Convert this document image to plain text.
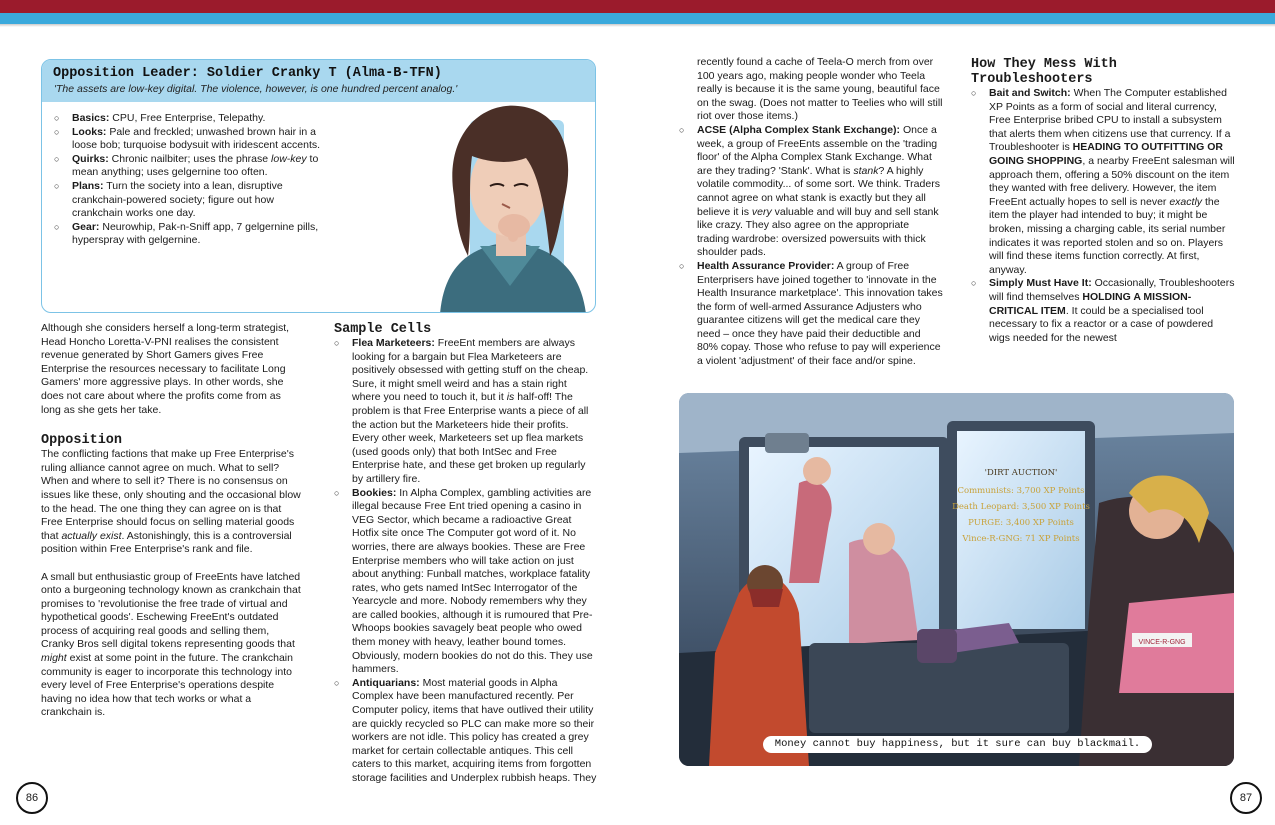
Opposition Leader: Soldier Cranky T (Alma-B-TFN)
'The assets are low-key digital. The violence, however, is one hundred percent analog.'
○ Basics: CPU, Free Enterprise, Telepathy.
○ Looks: Pale and freckled; unwashed brown hair in a loose bob; turquoise bodysuit with iridescent accents.
○ Quirks: Chronic nailbiter; uses the phrase low-key to mean anything; uses gelgernine too often.
○ Plans: Turn the society into a lean, disruptive crankchain-powered society; figure out how crankchain works one day.
○ Gear: Neurowhip, Pak-n-Sniff app, 7 gelgernine pills, hyperspray with gelgernine.

Although she considers herself a long-term strategist, Head Honcho Loretta-V-PNI realises the consistent revenue generated by Short Gamers gives Free Enterprise the resources necessary to facilitate Long Gamers' more aggressive plays. In other words, she does not care about where the profits come from as long as she gets her take.

Opposition

The conflicting factions that make up Free Enterprise's ruling alliance cannot agree on much. What to sell? When and where to sell it? There is no consensus on issues like these, only shouting and the occasional blow to the head. The one thing they can agree on is that Free Enterprise should focus on selling material goods that actually exist. Astonishingly, this is a controversial position within Free Enterprise's rank and file.

A small but enthusiastic group of FreeEnts have latched onto a burgeoning technology known as crankchain that promises to 'revolutionise the free trade of virtual and hypothetical goods'. Eschewing FreeEnt's outdated process of acquiring real goods and selling them, Cranky Bros sell digital tokens representing goods that might exist at some point in the future. The crankchain community is eager to incorporate this technology into every level of Free Enterprise's operations despite having no idea how that tech works or what a crankchain is.

Sample Cells
○ Flea Marketeers: FreeEnt members are always looking for a bargain but Flea Marketeers are positively obsessed with getting stuff on the cheap. Sure, it might smell weird and has a stain right where you need to touch it, but it is half-off! The problem is that Free Enterprise wants a piece of all the action but the Marketeers hide their profits. Every other week, Marketeers set up flea markets (used goods only) that both IntSec and Free Enterprise hate, and these get broken up regularly by artillery fire.
○ Bookies: In Alpha Complex, gambling activities are illegal because Free Ent tried opening a casino in VEG Sector, which became a radioactive Great Hotfix site once The Computer got word of it. No worries, there are always bookies. These are Free Enterprise members who will take action on just about anything: Funball matches, workplace fatality rates, who gets named IntSec Interrogator of the Yearcycle and more. Nobody remembers why they are called bookies, although it is rumoured that Pre-Whoops bookies savagely beat people who owed them money with heavy, leather bound tomes. Obviously, modern bookies do not do this. They use hammers.
○ Antiquarians: Most material goods in Alpha Complex have been manufactured recently. Per Computer policy, items that have outlived their utility are quickly recycled so PLC can make more so their workers are not idle. This policy has created a grey market for certain collectable antiques. This cell caters to this market, acquiring items from forgotten storage facilities and Underplex rubbish heaps. They

recently found a cache of Teela-O merch from over 100 years ago, making people wonder who Teela really is because it is the same young, beautiful face on the swag. (Does not matter to Teelies who will still riot over those items.)

○ ACSE (Alpha Complex Stank Exchange): Once a week, a group of FreeEnts assemble on the 'trading floor' of the Alpha Complex Stank Exchange. What are they trading? 'Stank'. What is stank? A highly volatile commodity... of some sort. We think. Traders cannot agree on what stank is exactly but they all believe it is very valuable and will buy and sell stank like crazy. They also agree on the appropriate trading wardrobe: oversized powersuits with thick shoulder pads.
○ Health Assurance Provider: A group of Free Enterprisers have joined together to 'innovate in the Health Insurance marketplace'. This innovation takes the form of well-armed Assurance Adjusters who guarantee citizens will get the medical care they need – once they have paid their deductible and 80% copay. Those who refuse to pay will experience a violent 'adjustment' of their face and/or spine.
How They Mess With Troubleshooters
○ Bait and Switch: When The Computer established XP Points as a form of social and literal currency, Free Enterprise bribed CPU to install a subsystem that alerts them when citizens use that currency. If a Troubleshooter is HEADING TO OUTFITTING OR GOING SHOPPING, a nearby FreeEnt salesman will approach them, offering a 50% discount on the item they wanted with free delivery. However, the item FreeEnt actually hopes to sell is never exactly the item the player had intended to buy; it might be broken, missing a charging cable, its serial number indicates it was reported stolen and so on. Players will find these items function correctly. At first, anyway.
○ Simply Must Have It: Occasionally, Troubleshooters will find themselves HOLDING A MISSION-CRITICAL ITEM. It could be a specialised tool necessary to fix a reactor or a case of powdered wigs needed for the newest
VINCE-R-GNG
'DIRT AUCTION'
Communists: 3,700 XP Points
Death Leopard: 3,500 XP Points
PURGE: 3,400 XP Points
Vince-R-GNG: 71 XP Points
Money cannot buy happiness, but it sure can buy blackmail.
86	87
